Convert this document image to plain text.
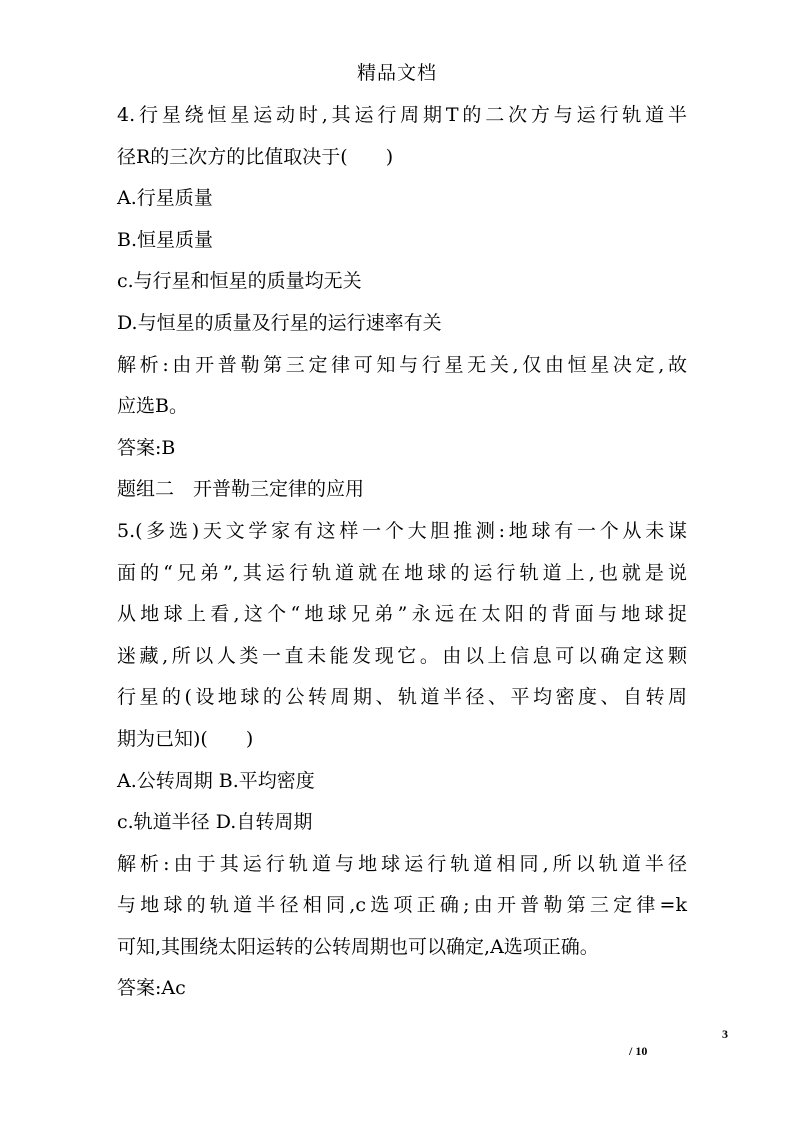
精品文档
4.行星绕恒星运动时,其运行周期T的二次方与运行轨道半
径R的三次方的比值取决于(　　)
A.行星质量
B.恒星质量
c.与行星和恒星的质量均无关
D.与恒星的质量及行星的运行速率有关
解析:由开普勒第三定律可知与行星无关,仅由恒星决定,故
应选B。
答案:B
题组二　开普勒三定律的应用
5.(多选)天文学家有这样一个大胆推测:地球有一个从未谋
面的“兄弟”,其运行轨道就在地球的运行轨道上,也就是说
从地球上看,这个“地球兄弟”永远在太阳的背面与地球捉
迷藏,所以人类一直未能发现它。由以上信息可以确定这颗
行星的(设地球的公转周期、轨道半径、平均密度、自转周
期为已知)(　　)
A.公转周期 B.平均密度
c.轨道半径 D.自转周期
解析:由于其运行轨道与地球运行轨道相同,所以轨道半径
与地球的轨道半径相同,c选项正确;由开普勒第三定律=k
可知,其围绕太阳运转的公转周期也可以确定,A选项正确。
答案:Ac
3
/ 10
